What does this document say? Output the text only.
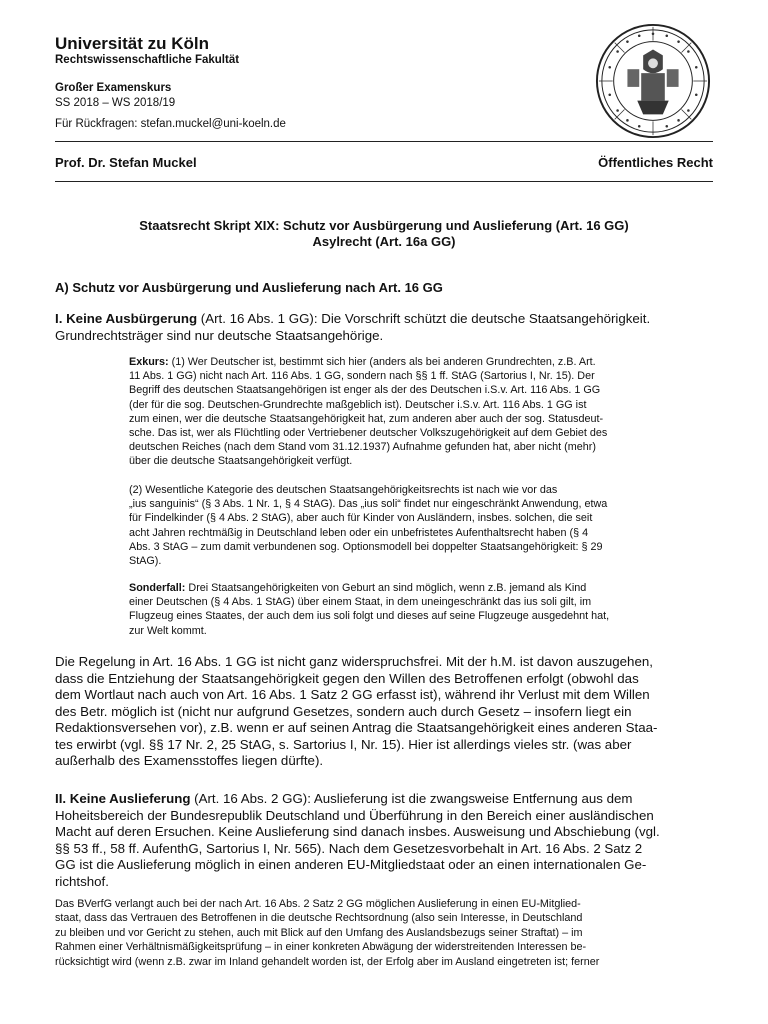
Universität zu Köln
Rechtswissenschaftliche Fakultät
Großer Examenskurs
SS 2018 – WS 2018/19
Für Rückfragen: stefan.muckel@uni-koeln.de
Prof. Dr. Stefan Muckel	Öffentliches Recht
Staatsrecht Skript XIX: Schutz vor Ausbürgerung und Auslieferung (Art. 16 GG)
Asylrecht (Art. 16a GG)
A) Schutz vor Ausbürgerung und Auslieferung nach Art. 16 GG
I. Keine Ausbürgerung (Art. 16 Abs. 1 GG): Die Vorschrift schützt die deutsche Staatsangehörigkeit.
Grundrechtsträger sind nur deutsche Staatsangehörige.
Exkurs: (1) Wer Deutscher ist, bestimmt sich hier (anders als bei anderen Grundrechten, z.B. Art.
11 Abs. 1 GG) nicht nach Art. 116 Abs. 1 GG, sondern nach §§ 1 ff. StAG (Sartorius I, Nr. 15). Der
Begriff des deutschen Staatsangehörigen ist enger als der des Deutschen i.S.v. Art. 116 Abs. 1 GG
(der für die sog. Deutschen-Grundrechte maßgeblich ist). Deutscher i.S.v. Art. 116 Abs. 1 GG ist
zum einen, wer die deutsche Staatsangehörigkeit hat, zum anderen aber auch der sog. Statusdeut-
sche. Das ist, wer als Flüchtling oder Vertriebener deutscher Volkszugehörigkeit auf dem Gebiet des
deutschen Reiches (nach dem Stand vom 31.12.1937) Aufnahme gefunden hat, aber nicht (mehr)
über die deutsche Staatsangehörigkeit verfügt.
(2) Wesentliche Kategorie des deutschen Staatsangehörigkeitsrechts ist nach wie vor das
„ius sanguinis“ (§ 3 Abs. 1 Nr. 1, § 4 StAG). Das „ius soli“ findet nur eingeschränkt Anwendung, etwa
für Findelkinder (§ 4 Abs. 2 StAG), aber auch für Kinder von Ausländern, insbes. solchen, die seit
acht Jahren rechtmäßig in Deutschland leben oder ein unbefristetes Aufenthaltsrecht haben (§ 4
Abs. 3 StAG – zum damit verbundenen sog. Optionsmodell bei doppelter Staatsangehörigkeit: § 29
StAG).
Sonderfall: Drei Staatsangehörigkeiten von Geburt an sind möglich, wenn z.B. jemand als Kind
einer Deutschen (§ 4 Abs. 1 StAG) über einem Staat, in dem uneingeschränkt das ius soli gilt, im
Flugzeug eines Staates, der auch dem ius soli folgt und dieses auf seine Flugzeuge ausgedehnt hat,
zur Welt kommt.
Die Regelung in Art. 16 Abs. 1 GG ist nicht ganz widerspruchsfrei. Mit der h.M. ist davon auszugehen,
dass die Entziehung der Staatsangehörigkeit gegen den Willen des Betroffenen erfolgt (obwohl das
dem Wortlaut nach auch von Art. 16 Abs. 1 Satz 2 GG erfasst ist), während ihr Verlust mit dem Willen
des Betr. möglich ist (nicht nur aufgrund Gesetzes, sondern auch durch Gesetz – insofern liegt ein
Redaktionsversehen vor), z.B. wenn er auf seinen Antrag die Staatsangehörigkeit eines anderen Staa-
tes erwirbt (vgl. §§ 17 Nr. 2, 25 StAG, s. Sartorius I, Nr. 15). Hier ist allerdings vieles str. (was aber
außerhalb des Examensstoffes liegen dürfte).
II. Keine Auslieferung (Art. 16 Abs. 2 GG): Auslieferung ist die zwangsweise Entfernung aus dem
Hoheitsbereich der Bundesrepublik Deutschland und Überführung in den Bereich einer ausländischen
Macht auf deren Ersuchen. Keine Auslieferung sind danach insbes. Ausweisung und Abschiebung (vgl.
§§ 53 ff., 58 ff. AufenthG, Sartorius I, Nr. 565). Nach dem Gesetzesvorbehalt in Art. 16 Abs. 2 Satz 2
GG ist die Auslieferung möglich in einen anderen EU-Mitgliedstaat oder an einen internationalen Ge-
richtshof.
Das BVerfG verlangt auch bei der nach Art. 16 Abs. 2 Satz 2 GG möglichen Auslieferung in einen EU-Mitglied-
staat, dass das Vertrauen des Betroffenen in die deutsche Rechtsordnung (also sein Interesse, in Deutschland
zu bleiben und vor Gericht zu stehen, auch mit Blick auf den Umfang des Auslandsbezugs seiner Straftat) – im
Rahmen einer Verhältnismäßigkeitsprüfung – in einer konkreten Abwägung der widerstreitenden Interessen be-
rücksichtigt wird (wenn z.B. zwar im Inland gehandelt worden ist, der Erfolg aber im Ausland eingetreten ist; ferner
